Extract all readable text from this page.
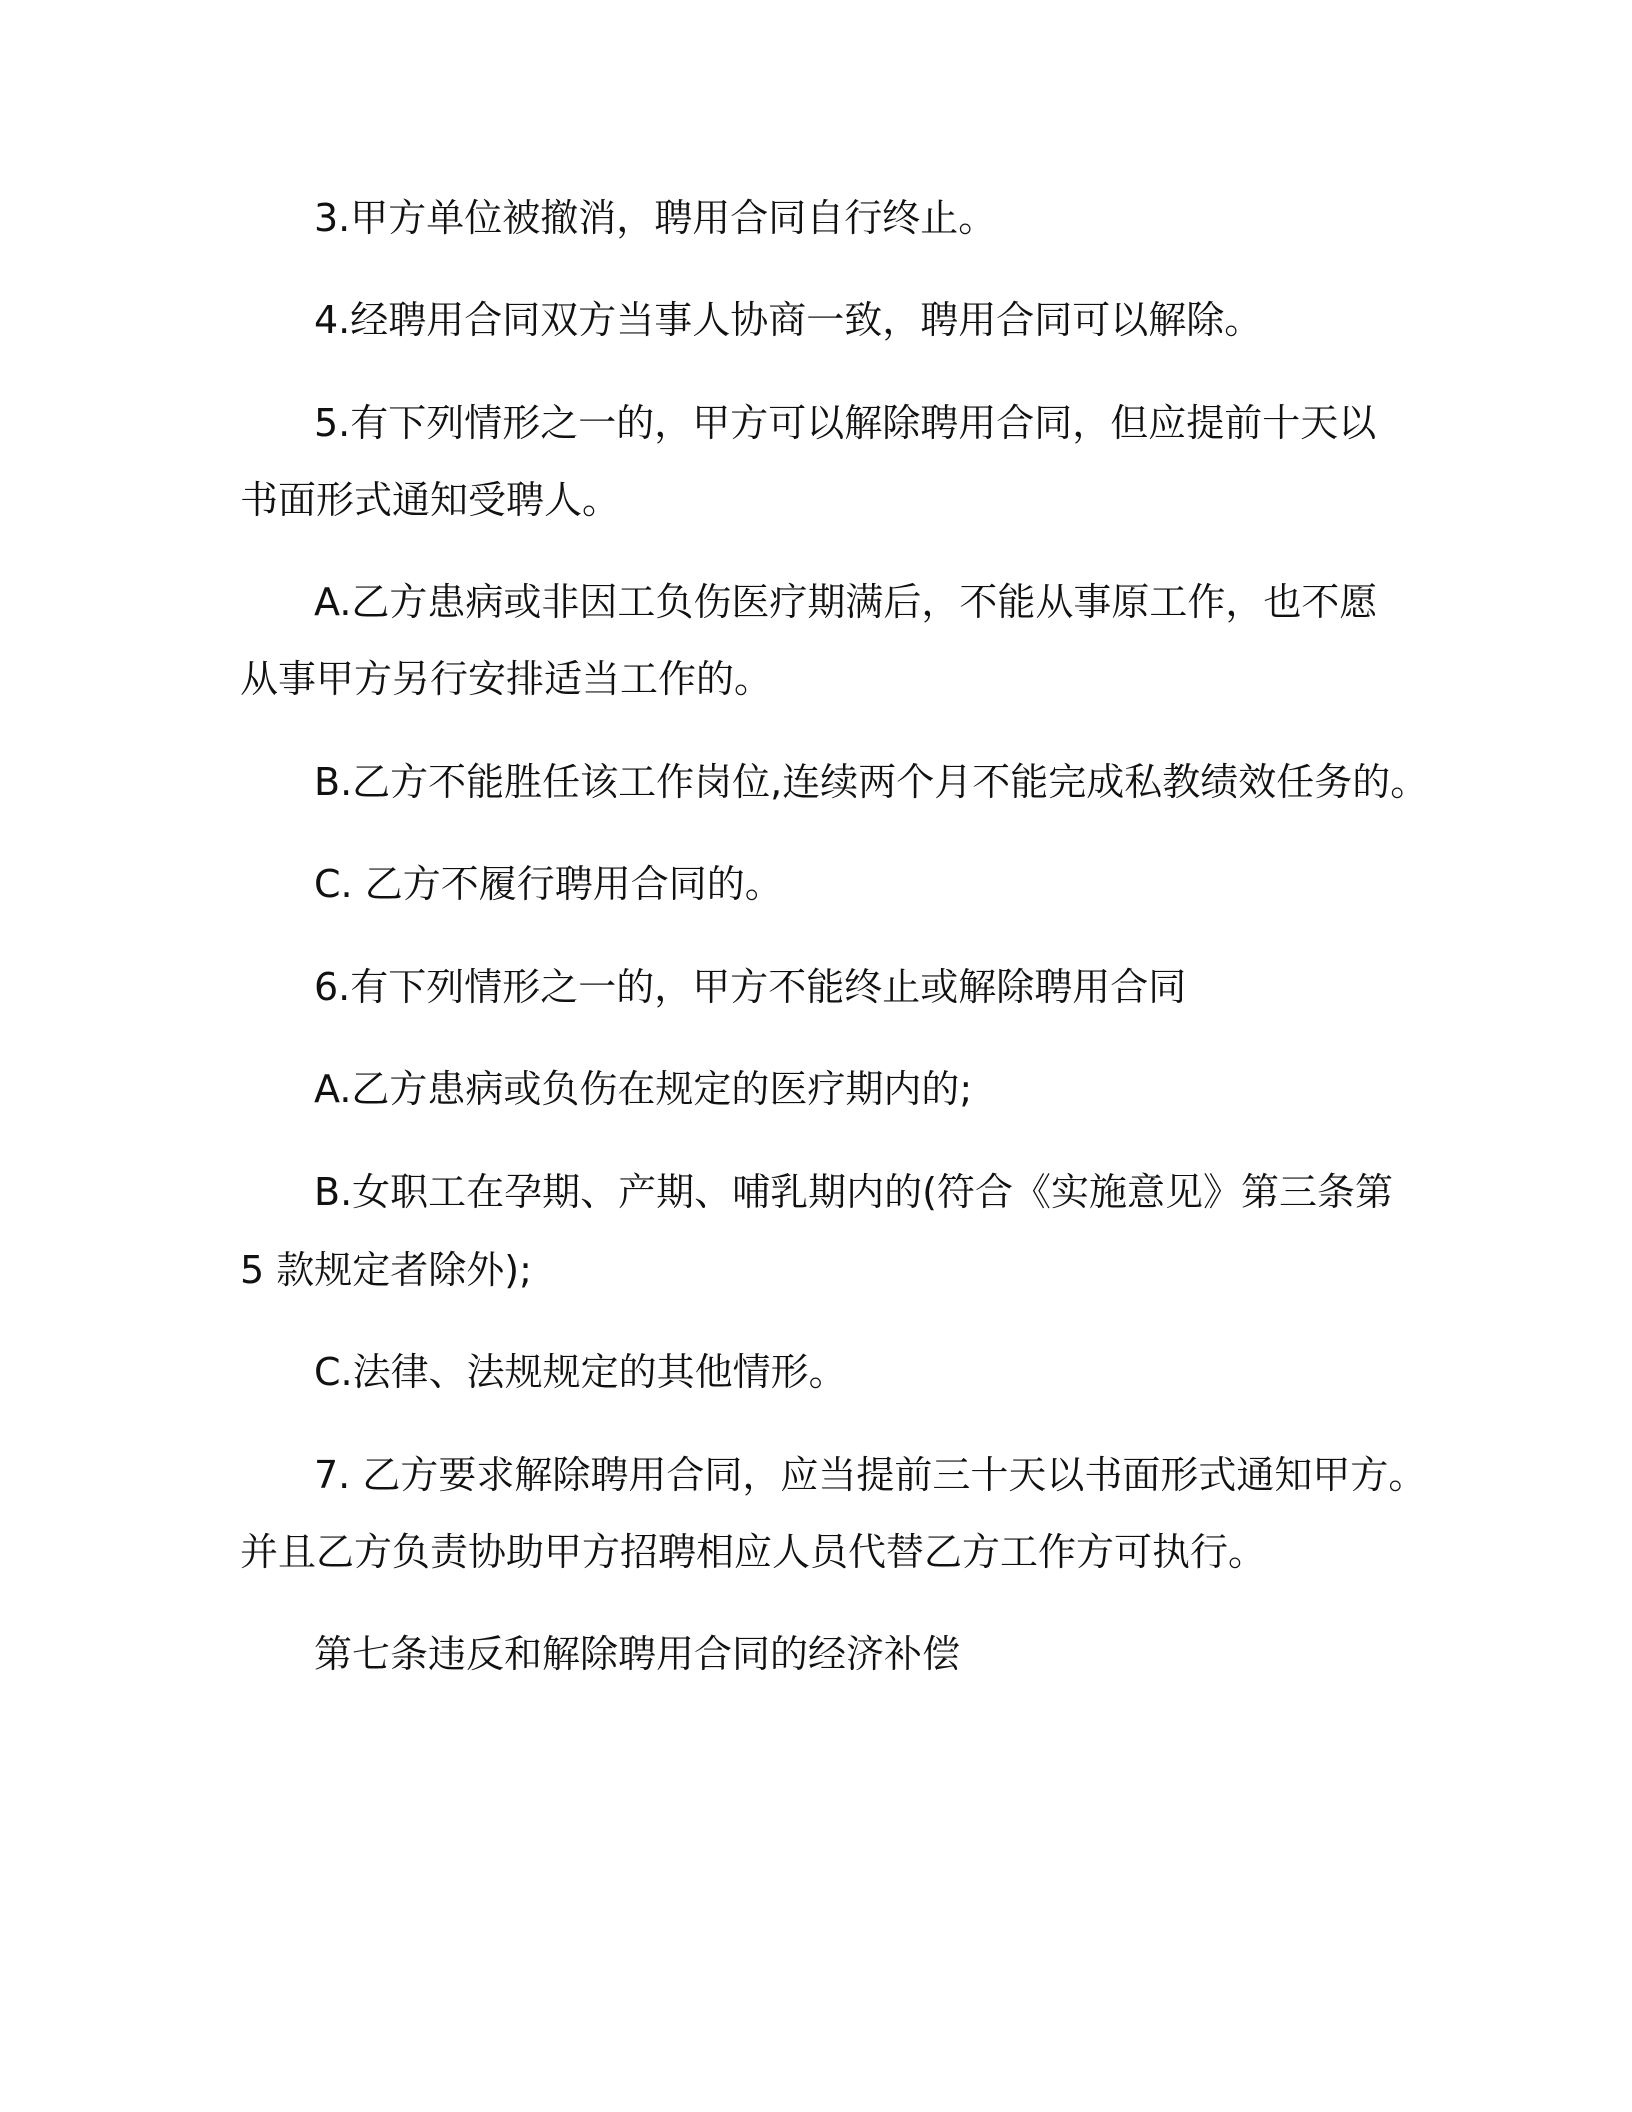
3.甲方单位被撤消，聘用合同自行终止。
4.经聘用合同双方当事人协商一致，聘用合同可以解除。
5.有下列情形之一的，甲方可以解除聘用合同，但应提前十天以
书面形式通知受聘人。
A.乙方患病或非因工负伤医疗期满后，不能从事原工作，也不愿
从事甲方另行安排适当工作的。
B.乙方不能胜任该工作岗位,连续两个月不能完成私教绩效任务的。
C. 乙方不履行聘用合同的。
6.有下列情形之一的，甲方不能终止或解除聘用合同
A.乙方患病或负伤在规定的医疗期内的;
B.女职工在孕期、产期、哺乳期内的(符合《实施意见》第三条第
5 款规定者除外);
C.法律、法规规定的其他情形。
7. 乙方要求解除聘用合同，应当提前三十天以书面形式通知甲方。
并且乙方负责协助甲方招聘相应人员代替乙方工作方可执行。
第七条违反和解除聘用合同的经济补偿
